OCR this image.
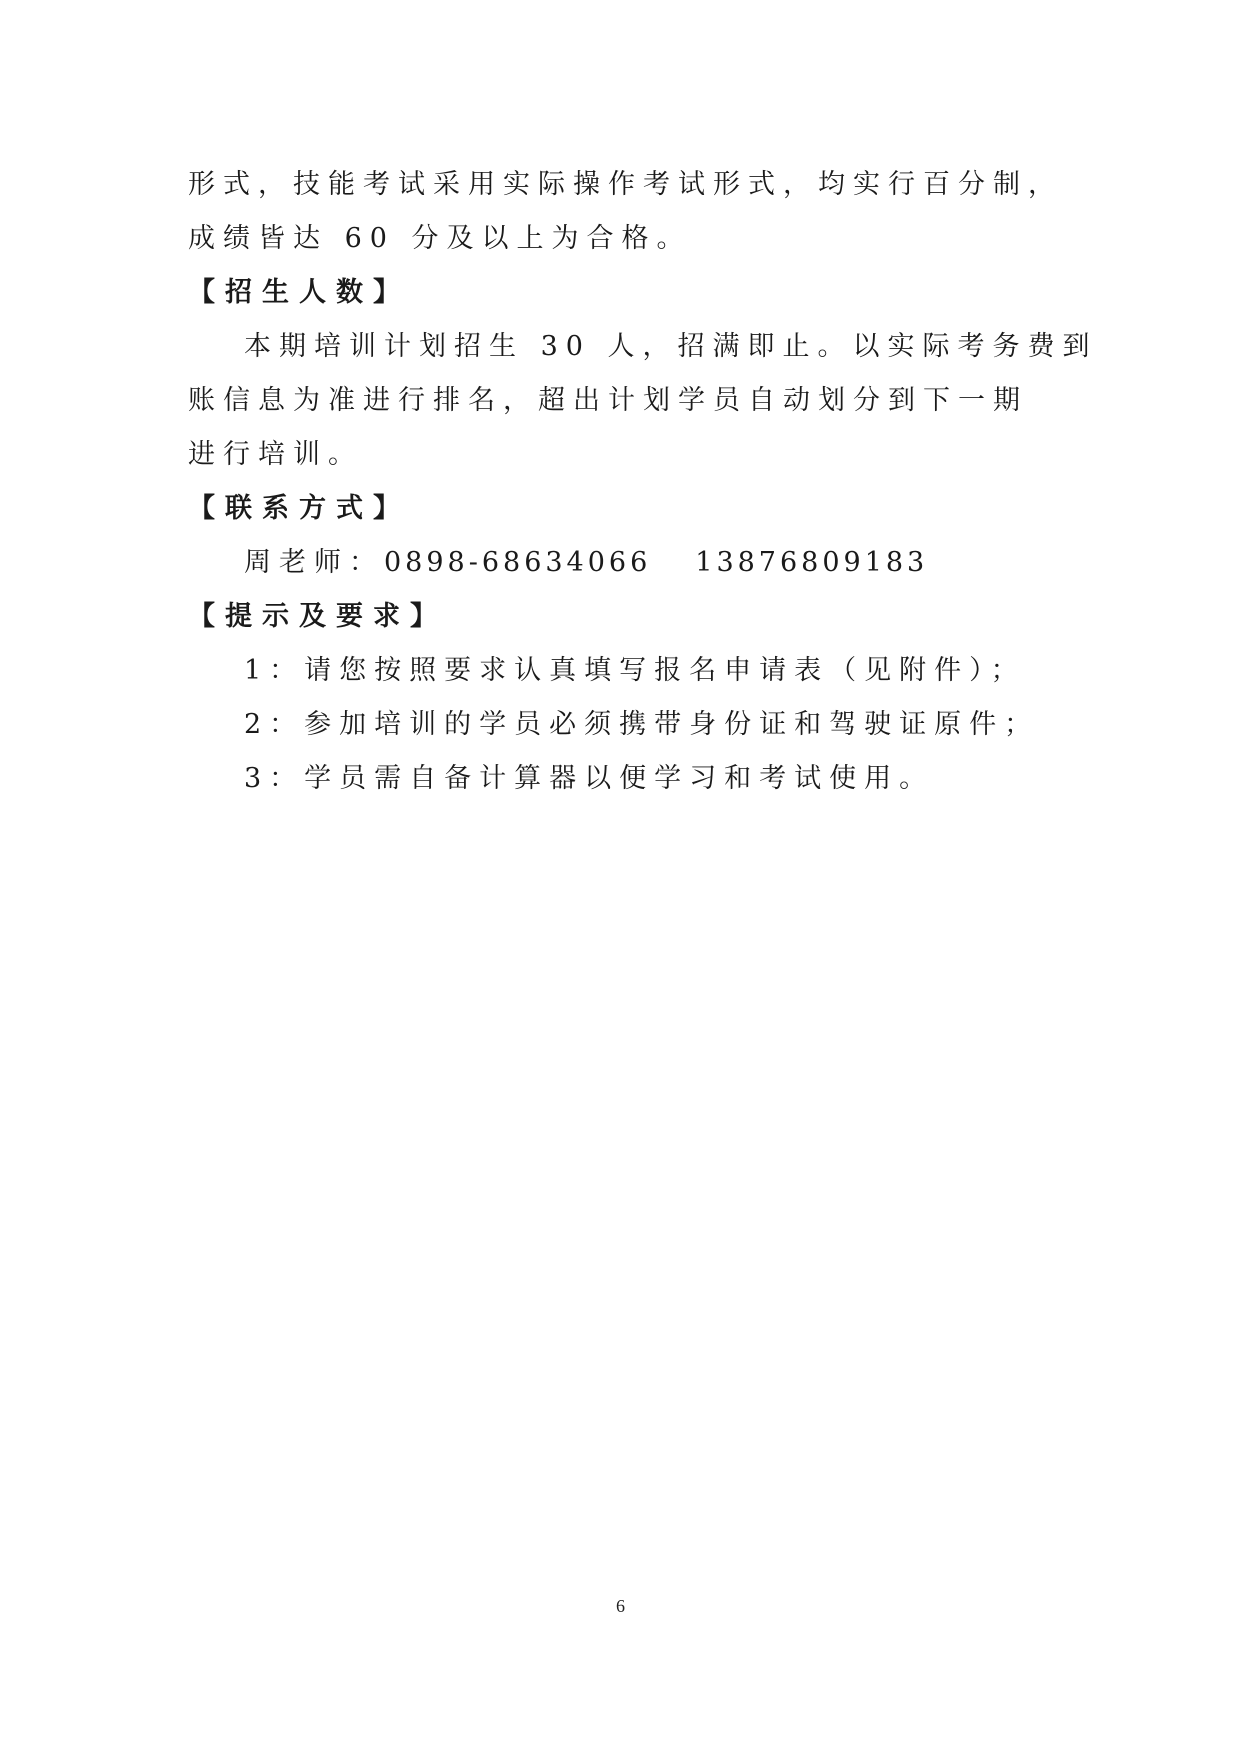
形式，技能考试采用实际操作考试形式，均实行百分制，
成绩皆达 60 分及以上为合格。
【招生人数】
本期培训计划招生 30 人，招满即止。以实际考务费到
账信息为准进行排名，超出计划学员自动划分到下一期
进行培训。
【联系方式】
周老师：0898-68634066 13876809183
【提示及要求】
1：请您按照要求认真填写报名申请表（见附件）；
2：参加培训的学员必须携带身份证和驾驶证原件；
3：学员需自备计算器以便学习和考试使用。
6
